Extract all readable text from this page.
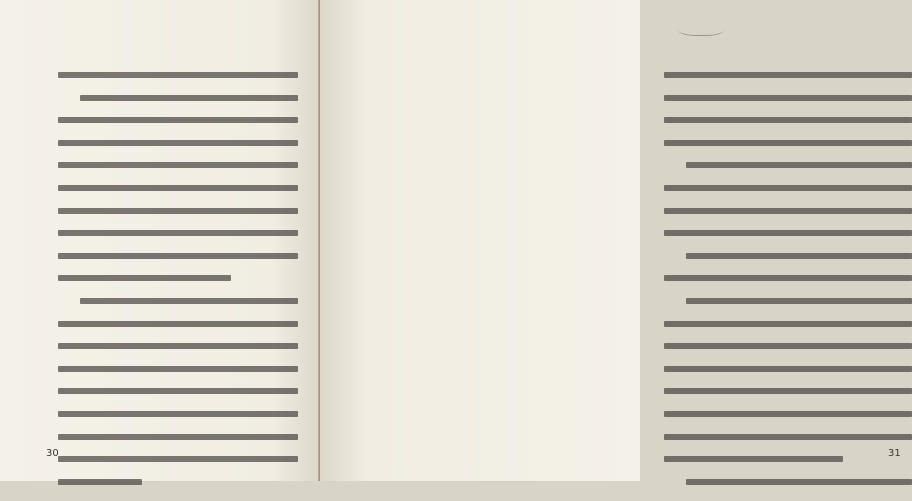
30	31
